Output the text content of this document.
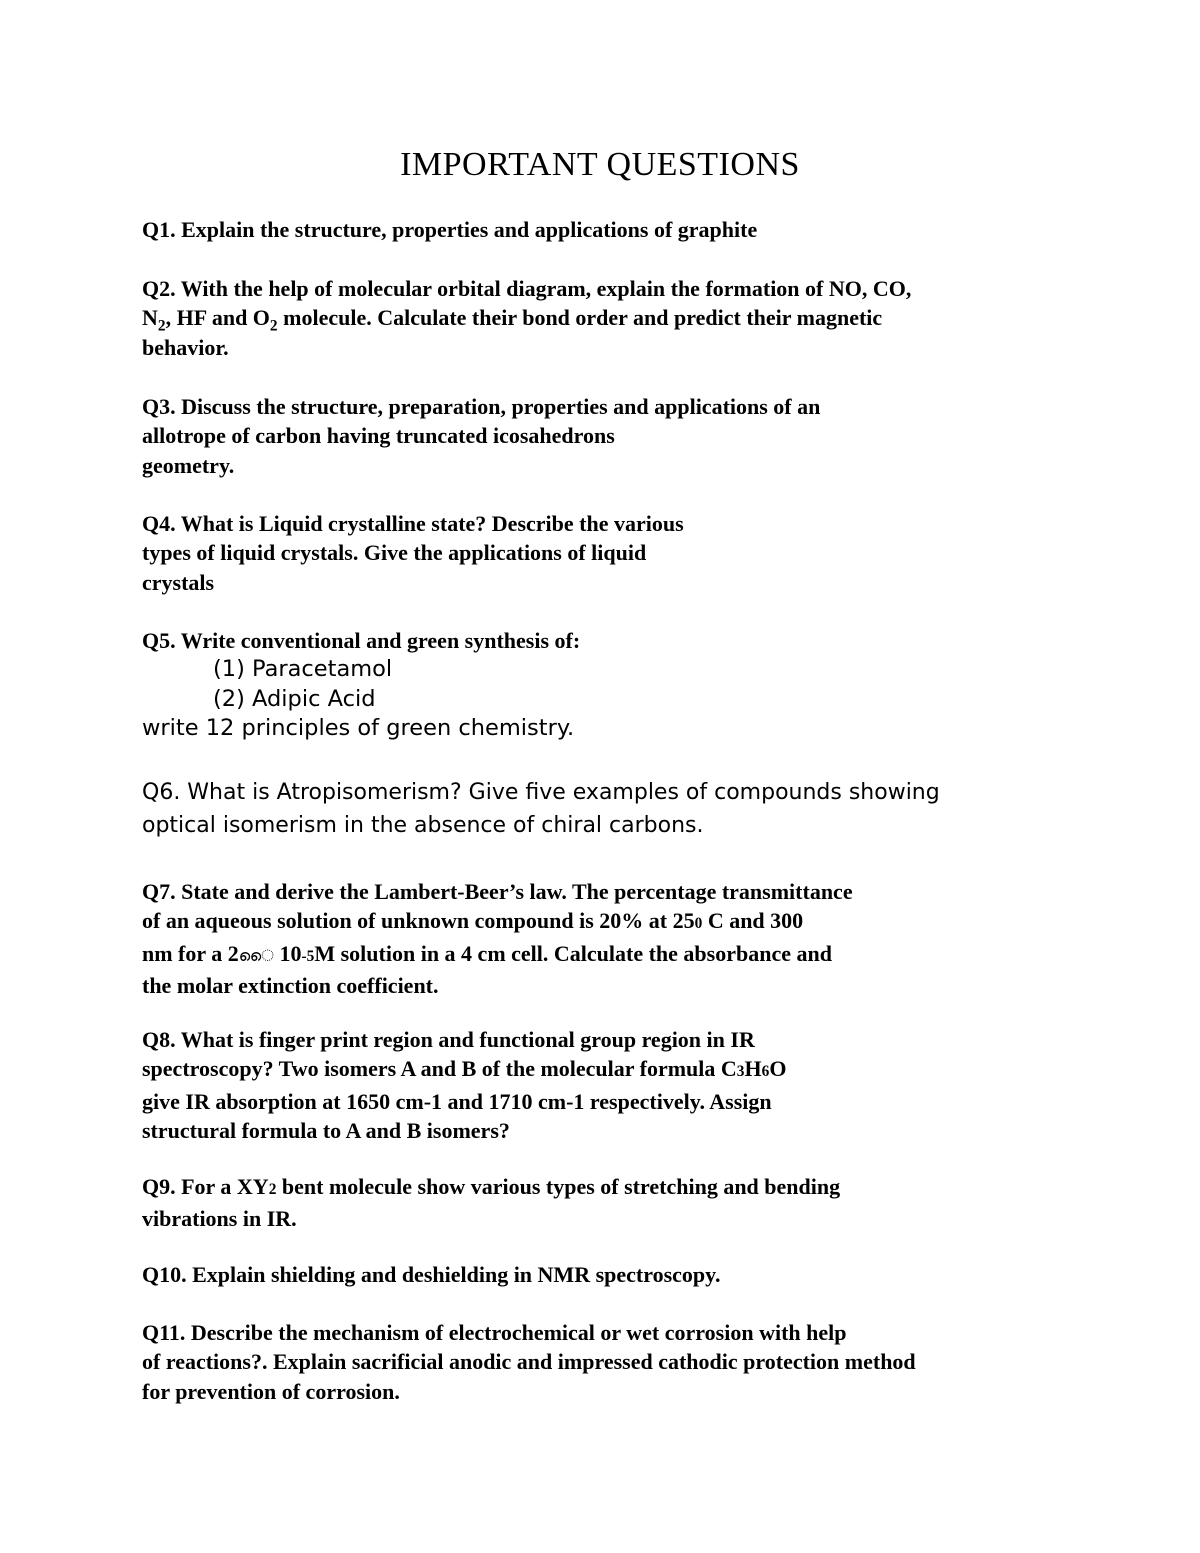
IMPORTANT QUESTIONS
Q1. Explain the structure, properties and applications of graphite
Q2. With the help of molecular orbital diagram, explain the formation of NO, CO,
$N_2$, HF and $O_2$ molecule. Calculate their bond order and predict their magnetic
behavior.
Q3. Discuss the structure, preparation, properties and applications of an
allotrope of carbon having truncated icosahedrons
geometry.
Q4. What is Liquid crystalline state? Describe the various
types of liquid crystals. Give the applications of liquid
crystals
Q5. Write conventional and green synthesis of:
(1) Paracetamol
(2) Adipic Acid
write 12 principles of green chemistry.
Q6. What is Atropisomerism? Give five examples of compounds showing
optical isomerism in the absence of chiral carbons.
Q7. State and derive the Lambert-Beer’s law. The percentage transmittance
of an aqueous solution of unknown compound is 20% at 250 C and 300
nm for a 2ൈ 10-5M solution in a 4 cm cell. Calculate the absorbance and
the molar extinction coefficient.
Q8. What is finger print region and functional group region in IR
spectroscopy? Two isomers A and B of the molecular formula C3H6O
give IR absorption at 1650 cm-1 and 1710 cm-1 respectively. Assign
structural formula to A and B isomers?
Q9. For a XY2 bent molecule show various types of stretching and bending
vibrations in IR.
Q10. Explain shielding and deshielding in NMR spectroscopy.
Q11. Describe the mechanism of electrochemical or wet corrosion with help
of reactions?. Explain sacrificial anodic and impressed cathodic protection method
for prevention of corrosion.
